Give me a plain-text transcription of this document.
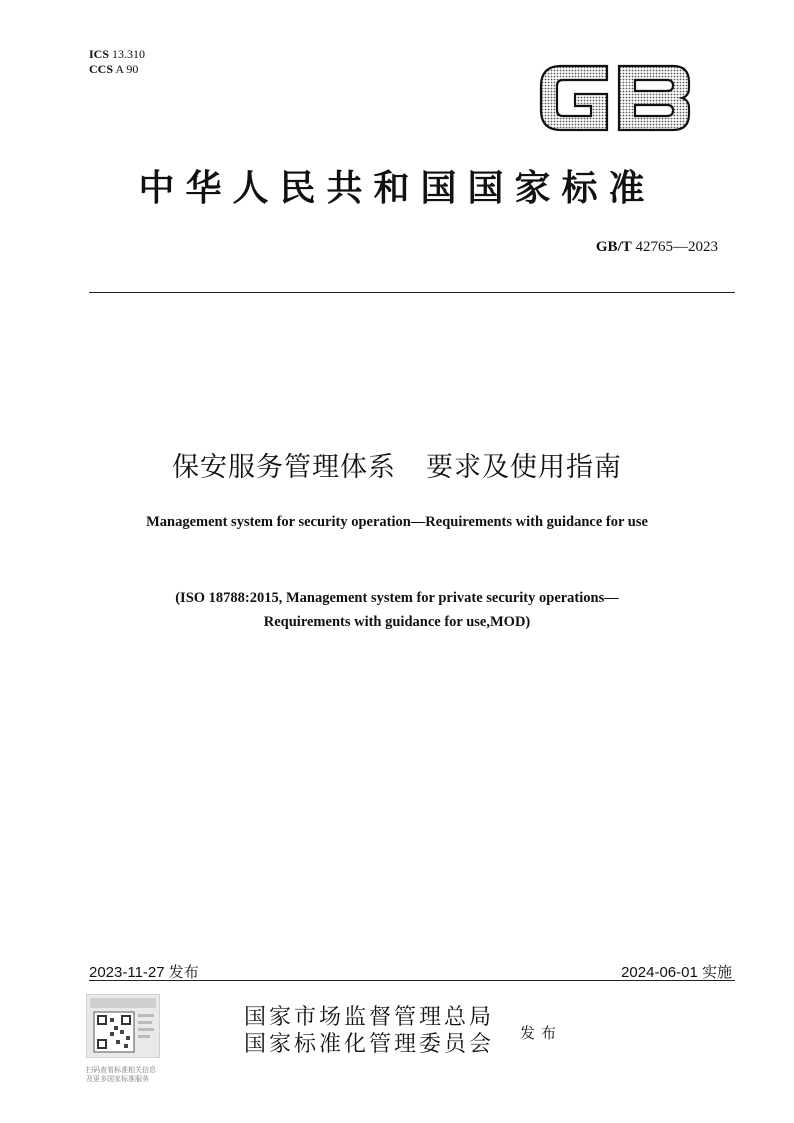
ICS 13.310
CCS A 90
中华人民共和国国家标准
GB/T 42765—2023
保安服务管理体系 要求及使用指南
Management system for security operation—Requirements with guidance for use
(ISO 18788:2015, Management system for private security operations—
Requirements with guidance for use,MOD)
2023-11-27 发布	2024-06-01 实施
扫码查看标准相关信息
及更多国家标准服务
国家市场监督管理总局
国家标准化管理委员会 发布
